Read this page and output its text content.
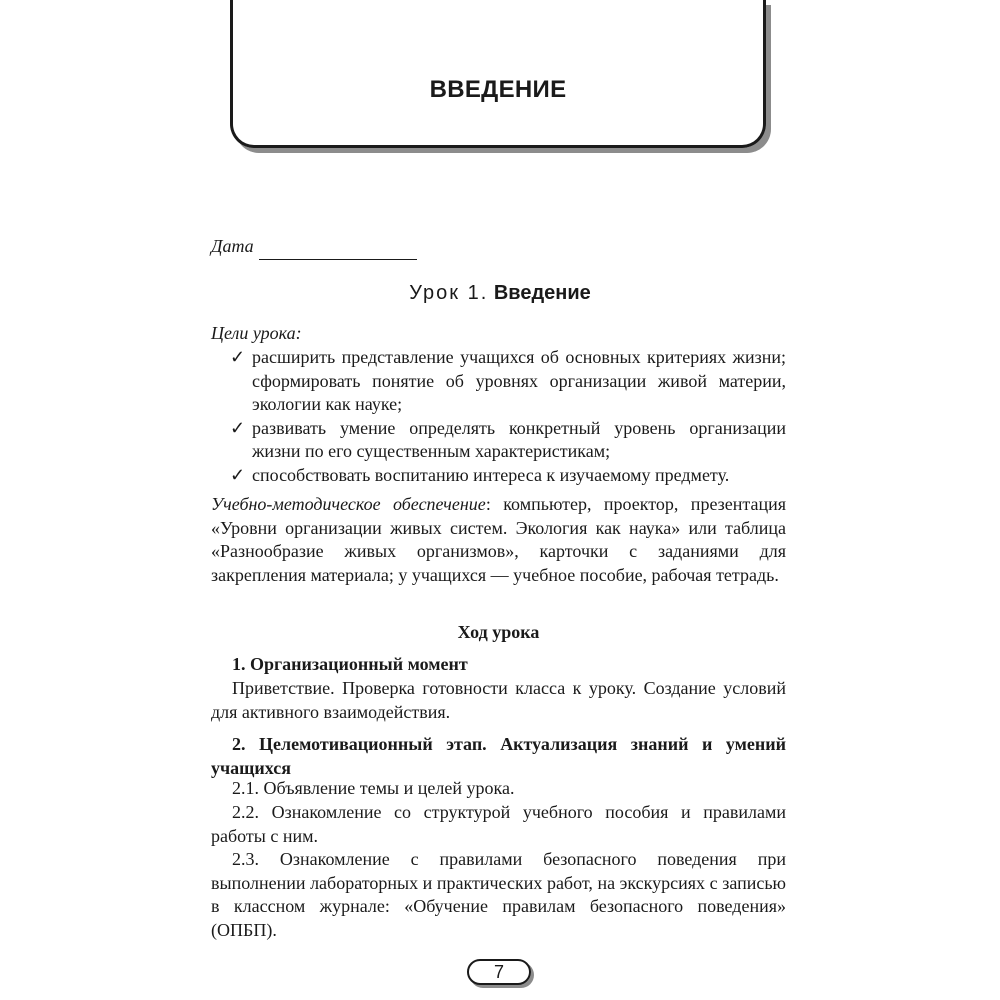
ВВЕДЕНИЕ
Дата
Урок 1. Введение
Цели урока:
✓ расширить представление учащихся об основных критериях жизни; сформировать понятие об уровнях организации живой материи, экологии как науке;
✓ развивать умение определять конкретный уровень организации жизни по его существенным характеристикам;
✓ способствовать воспитанию интереса к изучаемому предмету.
Учебно-методическое обеспечение: компьютер, проектор, презентация «Уровни организации живых систем. Экология как наука» или таблица «Разнообразие живых организмов», карточки с заданиями для закрепления материала; у учащихся — учебное пособие, рабочая тетрадь.
Ход урока
1. Организационный момент
Приветствие. Проверка готовности класса к уроку. Создание условий для активного взаимодействия.
2. Целемотивационный этап. Актуализация знаний и умений учащихся
2.1. Объявление темы и целей урока.
2.2. Ознакомление со структурой учебного пособия и правилами работы с ним.
2.3. Ознакомление с правилами безопасного поведения при выполнении лабораторных и практических работ, на экскурсиях с записью в классном журнале: «Обучение правилам безопасного поведения» (ОПБП).
7
